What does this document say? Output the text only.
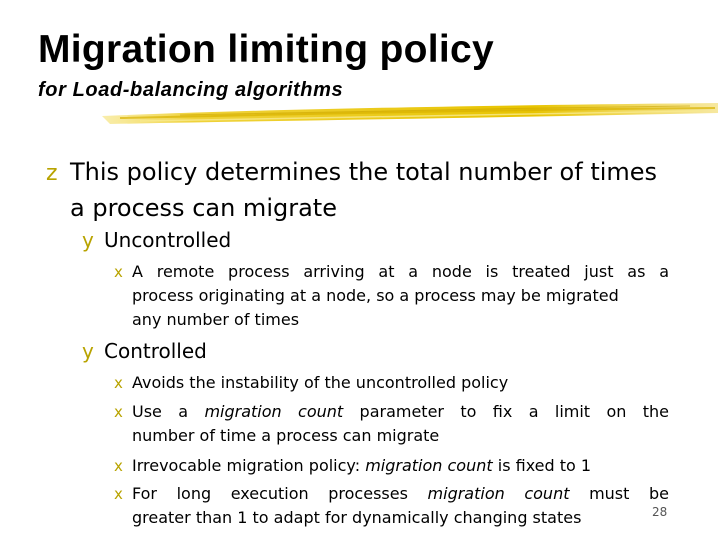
Migration limiting policy
for Load-balancing algorithms
z This policy determines the total number of times
a process can migrate
y Uncontrolled
x A remote process arriving at a node is treated just as a
process originating at a node, so a process may be migrated
any number of times
y Controlled
x Avoids the instability of the uncontrolled policy
x Use a migration count parameter to fix a limit on the
number of time a process can migrate
x Irrevocable migration policy: migration count is fixed to 1
x For long execution processes migration count must be
greater than 1 to adapt for dynamically changing states	28
